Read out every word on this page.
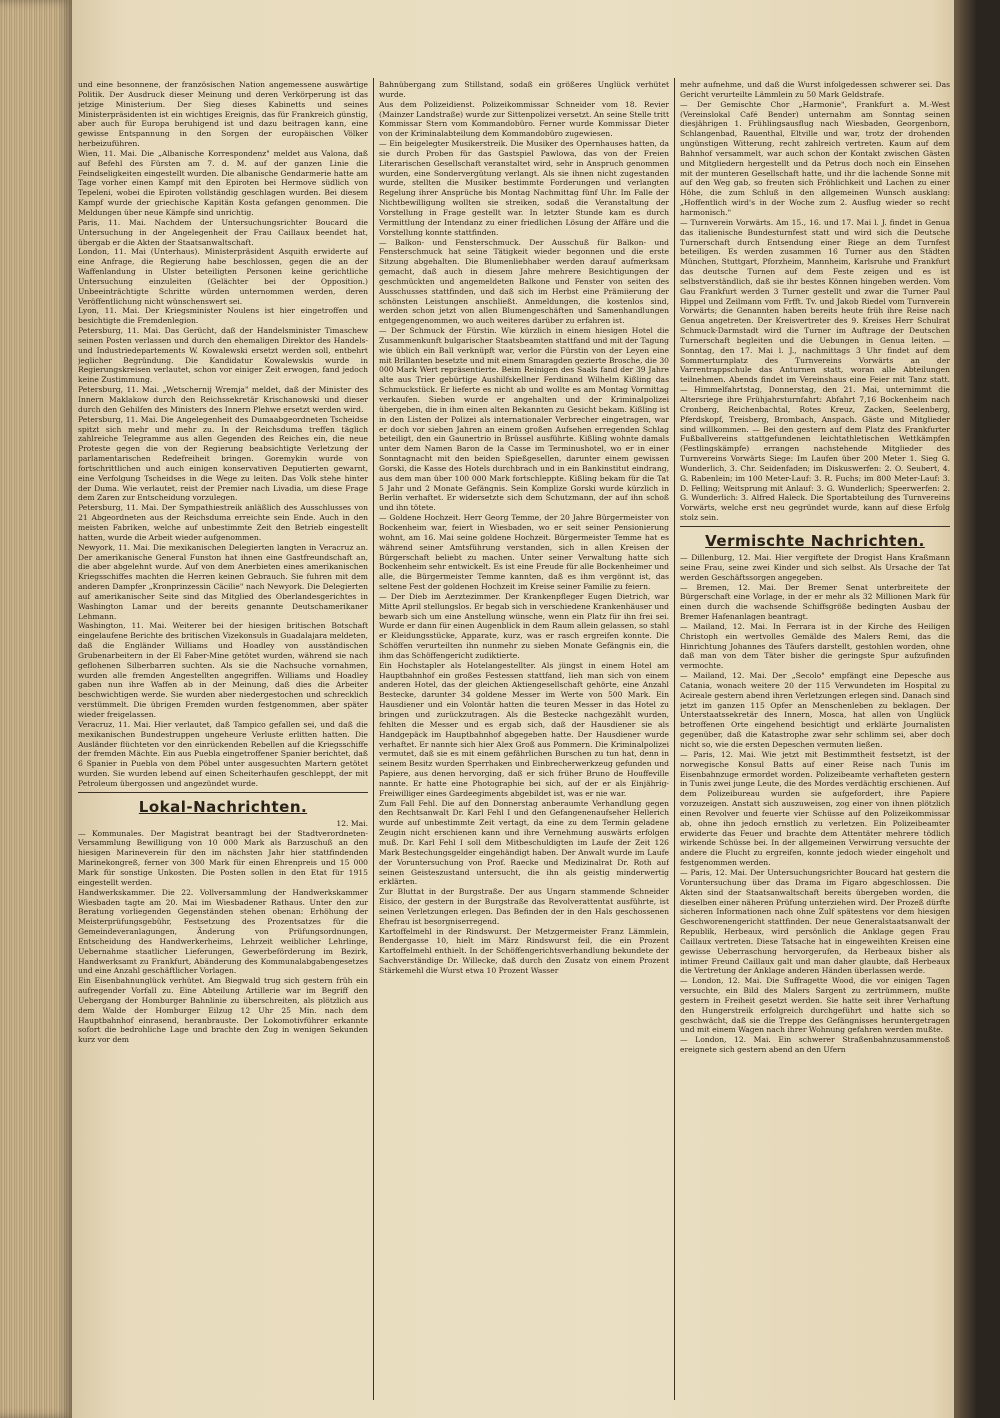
und eine besonnene, der französischen Nation angemessene auswärtige Politik. Der Ausdruck dieser Meinung und deren Verkörperung ist das jetzige Ministerium. Der Sieg dieses Kabinetts und seines Ministerpräsidenten ist ein wichtiges Ereignis, das für Frankreich günstig, aber auch für Europa beruhigend ist und dazu beitragen kann, eine gewisse Entspannung in den Sorgen der europäischen Völker herbeizuführen.

Wien, 11. Mai. Die „Albanische Korrespondenz" meldet aus Valona, daß auf Befehl des Fürsten am 7. d. M. auf der ganzen Linie die Feindseligkeiten eingestellt wurden. Die albanische Gendarmerie hatte am Tage vorher einen Kampf mit den Epiroten bei Hermove südlich von Tepeleni, wobei die Epiroten vollständig geschlagen wurden. Bei diesem Kampf wurde der griechische Kapitän Kosta gefangen genommen. Die Meldungen über neue Kämpfe sind unrichtig.

Paris, 11. Mai. Nachdem der Untersuchungsrichter Boucard die Untersuchung in der Angelegenheit der Frau Caillaux beendet hat, übergab er die Akten der Staatsanwaltschaft.

London, 11. Mai (Unterhaus). Ministerpräsident Asquith erwiderte auf eine Anfrage, die Regierung habe beschlossen, gegen die an der Waffenlandung in Ulster beteiligten Personen keine gerichtliche Untersuchung einzuleiten (Gelächter bei der Opposition.) Unbeeinträchtigte Schritte würden unternommen werden, deren Veröffentlichung nicht wünschenswert sei.

Lyon, 11. Mai. Der Kriegsminister Noulens ist hier eingetroffen und besichtigte die Fremdenlegion.

Petersburg, 11. Mai. Das Gerücht, daß der Handelsminister Timaschew seinen Posten verlassen und durch den ehemaligen Direktor des Handels- und Industriedepartements W. Kowalewski ersetzt werden soll, entbehrt jeglicher Begründung. Die Kandidatur Kowalewskis wurde in Regierungskreisen verlautet, schon vor einiger Zeit erwogen, fand jedoch keine Zustimmung.

Petersburg, 11. Mai. „Wetschernij Wremja" meldet, daß der Minister des Innern Maklakow durch den Reichssekretär Krischanowski und dieser durch den Gehilfen des Ministers des Innern Plehwe ersetzt werden wird.

Petersburg, 11. Mai. Die Angelegenheit des Dumaabgeordneten Tscheidse spitzt sich mehr und mehr zu. In der Reichsduma treffen täglich zahlreiche Telegramme aus allen Gegenden des Reiches ein, die neue Proteste gegen die von der Regierung beabsichtigte Verletzung der parlamentarischen Redefreiheit bringen. Goremykin wurde von fortschrittlichen und auch einigen konservativen Deputierten gewarnt, eine Verfolgung Tscheidses in die Wege zu leiten. Das Volk stehe hinter der Duma. Wie verlautet, reist der Premier nach Livadia, um diese Frage dem Zaren zur Entscheidung vorzulegen.

Petersburg, 11. Mai. Der Sympathiestreik anläßlich des Ausschlusses von 21 Abgeordneten aus der Reichsduma erreichte sein Ende. Auch in den meisten Fabriken, welche auf unbestimmte Zeit den Betrieb eingestellt hatten, wurde die Arbeit wieder aufgenommen.

Newyork, 11. Mai. Die mexikanischen Delegierten langten in Veracruz an. Der amerikanische General Funston hat ihnen eine Gastfreundschaft an, die aber abgelehnt wurde. Auf von dem Anerbieten eines amerikanischen Kriegsschiffes machten die Herren keinen Gebrauch. Sie fuhren mit dem anderen Dampfer „Kronprinzessin Cäcilie" nach Newyork. Die Delegierten auf amerikanischer Seite sind das Mitglied des Oberlandesgerichtes in Washington Lamar und der bereits genannte Deutschamerikaner Lehmann.

Washington, 11. Mai. Weiterer bei der hiesigen britischen Botschaft eingelaufene Berichte des britischen Vizekonsuls in Guadalajara meldeten, daß die Engländer Williams und Hoadley von ausständischen Grubenarbeitern in der El Faber-Mine getötet wurden, während sie nach geflohenen Silberbarren suchten. Als sie die Nachsuche vornahmen, wurden alle fremden Angestellten angegriffen. Williams und Hoadley gaben nun ihre Waffen ab in der Meinung, daß dies die Arbeiter beschwichtigen werde. Sie wurden aber niedergestochen und schrecklich verstümmelt. Die übrigen Fremden wurden festgenommen, aber später wieder freigelassen.

Veracruz, 11. Mai. Hier verlautet, daß Tampico gefallen sei, und daß die mexikanischen Bundestruppen ungeheure Verluste erlitten hatten. Die Ausländer flüchteten vor den einrückenden Rebellen auf die Kriegsschiffe der fremden Mächte. Ein aus Puebla eingetroffener Spanier berichtet, daß 6 Spanier in Puebla von dem Pöbel unter ausgesuchten Martern getötet wurden. Sie wurden lebend auf einen Scheiterhaufen geschleppt, der mit Petroleum übergossen und angezündet wurde.

Lokal-Nachrichten.
12. Mai.

— Kommunales. Der Magistrat beantragt bei der Stadtverordneten-Versammlung Bewilligung von 10 000 Mark als Barzuschuß an den hiesigen Marineverein für den im nächsten Jahr hier stattfindenden Marinekongreß, ferner von 300 Mark für einen Ehrenpreis und 15 000 Mark für sonstige Unkosten. Die Posten sollen in den Etat für 1915 eingestellt werden.

Handwerkskammer. Die 22. Vollversammlung der Handwerkskammer Wiesbaden tagte am 20. Mai im Wiesbadener Rathaus. Unter den zur Beratung vorliegenden Gegenständen stehen obenan: Erhöhung der Meisterprüfungsgebühr, Festsetzung des Prozentsatzes für die Gemeindeveranlagungen, Änderung von Prüfungsordnungen, Entscheidung des Handwerkerheims, Lehrzeit weiblicher Lehrlinge, Uebernahme staatlicher Lieferungen, Gewerbeförderung im Bezirk, Handwerksamt zu Frankfurt, Abänderung des Kommunalabgabengesetzes und eine Anzahl geschäftlicher Vorlagen.

Ein Eisenbahnunglück verhütet. Am Biegwald trug sich gestern früh ein aufregender Vorfall zu. Eine Abteilung Artillerie war im Begriff den Uebergang der Homburger Bahnlinie zu überschreiten, als plötzlich aus dem Walde der Homburger Eilzug 12 Uhr 25 Min. nach dem Hauptbahnhof einrasend, heranbrauste. Der Lokomotivführer erkannte sofort die bedrohliche Lage und brachte den Zug in wenigen Sekunden kurz vor dem

Bahnübergang zum Stillstand, sodaß ein größeres Unglück verhütet wurde.

Aus dem Polizeidienst. Polizeikommissar Schneider vom 18. Revier (Mainzer Landstraße) wurde zur Sittenpolizei versetzt. An seine Stelle tritt Kommissar Stern vom Kommandobüro. Ferner wurde Kommissar Dieter von der Kriminalabteilung dem Kommandobüro zugewiesen.

— Ein beigelegter Musikerstreik. Die Musiker des Opernhauses hatten, da sie durch Proben für das Gastspiel Pawlowa, das von der Freien Literarischen Gesellschaft veranstaltet wird, sehr in Anspruch genommen wurden, eine Sondervergütung verlangt. Als sie ihnen nicht zugestanden wurde, stellten die Musiker bestimmte Forderungen und verlangten Regelung ihrer Ansprüche bis Montag Nachmittag fünf Uhr. Im Falle der Nichtbewilligung wollten sie streiken, sodaß die Veranstaltung der Vorstellung in Frage gestellt war. In letzter Stunde kam es durch Vermittlung der Intendanz zu einer friedlichen Lösung der Affäre und die Vorstellung konnte stattfinden.

— Balkon- und Fensterschmuck. Der Ausschuß für Balkon- und Fensterschmuck hat seine Tätigkeit wieder begonnen und die erste Sitzung abgehalten. Die Blumenliebhaber werden darauf aufmerksam gemacht, daß auch in diesem Jahre mehrere Besichtigungen der geschmückten und angemeldeten Balkone und Fenster von seiten des Ausschusses stattfinden, und daß sich im Herbst eine Prämiierung der schönsten Leistungen anschließt. Anmeldungen, die kostenlos sind, werden schon jetzt von allen Blumengeschäften und Samenhandlungen entgegengenommen, wo auch weiteres darüber zu erfahren ist.

— Der Schmuck der Fürstin. Wie kürzlich in einem hiesigen Hotel die Zusammenkunft bulgarischer Staatsbeamten stattfand und mit der Tagung wie üblich ein Ball verknüpft war, verlor die Fürstin von der Leyen eine mit Brillanten besetzte und mit einem Smaragden gezierte Brosche, die 30 000 Mark Wert repräsentierte. Beim Reinigen des Saals fand der 39 Jahre alte aus Trier gebürtige Aushilfskellner Ferdinand Wilhelm Kißling das Schmuckstück. Er lieferte es nicht ab und wollte es am Montag Vormittag verkaufen. Sieben wurde er angehalten und der Kriminalpolizei übergeben, die in ihm einen alten Bekannten zu Gesicht bekam. Kißling ist in den Listen der Polizei als internationaler Verbrecher eingetragen, war er doch vor sieben Jahren an einem großen Aufsehen erregenden Schlag beteiligt, den ein Gaunertrio in Brüssel ausführte. Kißling wohnte damals unter dem Namen Baron de la Casse im Terminushotel, wo er in einer Sonntagnacht mit den beiden Spießgesellen, darunter einem gewissen Gorski, die Kasse des Hotels durchbrach und in ein Bankinstitut eindrang, aus dem man über 100 000 Mark fortschleppte. Kißling bekam für die Tat 5 Jahr und 2 Monate Gefängnis. Sein Komplize Gorski wurde kürzlich in Berlin verhaftet. Er widersetzte sich dem Schutzmann, der auf ihn schoß und ihn tötete.

— Goldene Hochzeit. Herr Georg Temme, der 20 Jahre Bürgermeister von Bockenheim war, feiert in Wiesbaden, wo er seit seiner Pensionierung wohnt, am 16. Mai seine goldene Hochzeit. Bürgermeister Temme hat es während seiner Amtsführung verstanden, sich in allen Kreisen der Bürgerschaft beliebt zu machen. Unter seiner Verwaltung hatte sich Bockenheim sehr entwickelt. Es ist eine Freude für alle Bockenheimer und alle, die Bürgermeister Temme kannten, daß es ihm vergönnt ist, das seltene Fest der goldenen Hochzeit im Kreise seiner Familie zu feiern.

— Der Dieb im Aerztezimmer. Der Krankenpfleger Eugen Dietrich, war Mitte April stellungslos. Er begab sich in verschiedene Krankenhäuser und bewarb sich um eine Anstellung wünsche, wenn ein Platz für ihn frei sei. Wurde er dann für einen Augenblick in dem Raum allein gelassen, so stahl er Kleidungsstücke, Apparate, kurz, was er rasch ergreifen konnte. Die Schöffen verurteilten ihn nunmehr zu sieben Monate Gefängnis ein, die ihm das Schöffengericht zudiktierte.

Ein Hochstapler als Hotelangestellter. Als jüngst in einem Hotel am Hauptbahnhof ein großes Festessen stattfand, lieh man sich von einem anderen Hotel, das der gleichen Aktiengesellschaft gehörte, eine Anzahl Bestecke, darunter 34 goldene Messer im Werte von 500 Mark. Ein Hausdiener und ein Volontär hatten die teuren Messer in das Hotel zu bringen und zurückzutragen. Als die Bestecke nachgezählt wurden, fehlten die Messer und es ergab sich, daß der Hausdiener sie als Handgepäck im Hauptbahnhof abgegeben hatte. Der Hausdiener wurde verhaftet. Er nannte sich hier Alex Groß aus Pommern. Die Kriminalpolizei vermutet, daß sie es mit einem gefährlichen Burschen zu tun hat, denn in seinem Besitz wurden Sperrhaken und Einbrecherwerkzeug gefunden und Papiere, aus denen hervorging, daß er sich früher Bruno de Houffeville nannte. Er hatte eine Photographie bei sich, auf der er als Einjährig-Freiwilliger eines Gardeegiments abgebildet ist, was er nie war.

Zum Fall Fehl. Die auf den Donnerstag anberaumte Verhandlung gegen den Rechtsanwalt Dr. Karl Fehl I und den Gefangenenaufseher Hellerich wurde auf unbestimmte Zeit vertagt, da eine zu dem Termin geladene Zeugin nicht erschienen kann und ihre Vernehmung auswärts erfolgen muß. Dr. Karl Fehl I soll dem Mitbeschuldigten im Laufe der Zeit 126 Mark Bestechungsgelder eingehändigt haben. Der Anwalt wurde im Laufe der Voruntersuchung von Prof. Raecke und Medizinalrat Dr. Roth auf seinen Geisteszustand untersucht, die ihn als geistig minderwertig erklärten.

Zur Bluttat in der Burgstraße. Der aus Ungarn stammende Schneider Eisico, der gestern in der Burgstraße das Revolverattentat ausführte, ist seinen Verletzungen erlegen. Das Befinden der in den Hals geschossenen Ehefrau ist besorgniserregend.

Kartoffelmehl in der Rindswurst. Der Metzgermeister Franz Lämmlein, Bendergasse 10, hielt im März Rindswurst feil, die ein Prozent Kartoffelmehl enthielt. In der Schöffengerichtsverhandlung bekundete der Sachverständige Dr. Willecke, daß durch den Zusatz von einem Prozent Stärkemehl die Wurst etwa 10 Prozent Wasser

mehr aufnehme, und daß die Wurst infolgedessen schwerer sei. Das Gericht verurteilte Lämmlein zu 50 Mark Geldstrafe.

— Der Gemischte Chor „Harmonie", Frankfurt a. M.-West (Vereinslokal Café Bender) unternahm am Sonntag seinen diesjährigen 1. Frühlingsausflug nach Wiesbaden, Georgenborn, Schlangenbad, Rauenthal, Eltville und war, trotz der drohenden ungünstigen Witterung, recht zahlreich vertreten. Kaum auf dem Bahnhof versammelt, war auch schon der Kontakt zwischen Gästen und Mitgliedern hergestellt und da Petrus doch noch ein Einsehen mit der munteren Gesellschaft hatte, und ihr die lachende Sonne mit auf den Weg gab, so freuten sich Fröhlichkeit und Lachen zu einer Höhe, die zum Schluß in den allgemeinen Wunsch ausklang: „Hoffentlich wird's in der Woche zum 2. Ausflug wieder so recht harmonisch."

— Turnverein Vorwärts. Am 15., 16. und 17. Mai l. J. findet in Genua das italienische Bundesturnfest statt und wird sich die Deutsche Turnerschaft durch Entsendung einer Riege an dem Turnfest beteiligen. Es werden zusammen 16 Turner aus den Städten München, Stuttgart, Pforzheim, Mannheim, Karlsruhe und Frankfurt das deutsche Turnen auf dem Feste zeigen und es ist selbstverständlich, daß sie ihr bestes Können hingeben werden. Vom Gau Frankfurt werden 3 Turner gestellt und zwar die Turner Paul Hippel und Zeilmann vom Frfft. Tv. und Jakob Riedel vom Turnverein Vorwärts; die Genannten haben bereits heute früh ihre Reise nach Genua angetreten. Der Kreisvertreter des 9. Kreises Herr Schulrat Schmuck-Darmstadt wird die Turner im Auftrage der Deutschen Turnerschaft begleiten und die Uebungen in Genua leiten. — Sonntag, den 17. Mai l. J., nachmittags 3 Uhr findet auf dem Sommerturnplatz des Turnvereins Vorwärts an der Varrentrappschule das Anturnen statt, woran alle Abteilungen teilnehmen. Abends findet im Vereinshaus eine Feier mit Tanz statt. — Himmelfahrtstag, Donnerstag, den 21. Mai, unternimmt die Altersriege ihre Frühjahrsturnfahrt: Abfahrt 7,16 Bockenheim nach Cronberg, Reichenbachtal, Rotes Kreuz, Zacken, Seelenberg, Pferdskopf, Treisberg, Brombach, Anspach. Gäste und Mitglieder sind willkommen. — Bei den gestern auf dem Platz des Frankfurter Fußballvereins stattgefundenen leichtathletischen Wettkämpfen (Festlingskämpfe) errangen nachstehende Mitglieder des Turnvereins Vorwärts Siege: Im Laufen über 200 Meter 1. Sieg G. Wunderlich, 3. Chr. Seidenfaden; im Diskuswerfen: 2. O. Seubert, 4. G. Rabenlein; im 100 Meter-Lauf: 3. R. Fuchs; im 800 Meter-Lauf: 3. D. Felling; Weitsprung mit Anlauf: 3. G. Wunderlich; Speerwerfen: 2. G. Wunderlich: 3. Alfred Haleck. Die Sportabteilung des Turnvereins Vorwärts, welche erst neu gegründet wurde, kann auf diese Erfolg stolz sein.

Vermischte Nachrichten.

— Dillenburg, 12. Mai. Hier vergiftete der Drogist Hans Kraßmann seine Frau, seine zwei Kinder und sich selbst. Als Ursache der Tat werden Geschäftssorgen angegeben.

— Bremen, 12. Mai. Der Bremer Senat unterbreitete der Bürgerschaft eine Vorlage, in der er mehr als 32 Millionen Mark für einen durch die wachsende Schiffsgröße bedingten Ausbau der Bremer Hafenanlagen beantragt.

— Mailand, 12. Mai. In Ferrara ist in der Kirche des Heiligen Christoph ein wertvolles Gemälde des Malers Remi, das die Hinrichtung Johannes des Täufers darstellt, gestohlen worden, ohne daß man von dem Täter bisher die geringste Spur aufzufinden vermochte.

— Mailand, 12. Mai. Der „Secolo" empfängt eine Depesche aus Catania, wonach weitere 20 der 115 Verwundeten im Hospital zu Acireale gestern abend ihren Verletzungen erlegen sind. Danach sind jetzt im ganzen 115 Opfer an Menschenleben zu beklagen. Der Unterstaatssekretär des Innern, Mosca, hat allen von Unglück betroffenen Orte eingehend besichtigt und erklärte Journalisten gegenüber, daß die Katastrophe zwar sehr schlimm sei, aber doch nicht so, wie die ersten Depeschen vermuten ließen.

— Paris, 12. Mai. Wie jetzt mit Bestimmtheit festsetzt, ist der norwegische Konsul Batts auf einer Reise nach Tunis im Eisenbahnzuge ermordet worden. Polizeibeamte verhafteten gestern in Tunis zwei junge Leute, die des Mordes verdächtig erschienen. Auf dem Polizeibureau wurden sie aufgefordert, ihre Papiere vorzuzeigen. Anstatt sich auszuweisen, zog einer von ihnen plötzlich einen Revolver und feuerte vier Schüsse auf den Polizeikommissar ab, ohne ihn jedoch ernstlich zu verletzen. Ein Polizeibeamter erwiderte das Feuer und brachte dem Attentäter mehrere tödlich wirkende Schüsse bei. In der allgemeinen Verwirrung versuchte der andere die Flucht zu ergreifen, konnte jedoch wieder eingeholt und festgenommen werden.

— Paris, 12. Mai. Der Untersuchungsrichter Boucard hat gestern die Voruntersuchung über das Drama im Figaro abgeschlossen. Die Akten sind der Staatsanwaltschaft bereits übergeben worden, die dieselben einer näheren Prüfung unterziehen wird. Der Prozeß dürfte sicheren Informationen nach ohne Zulf spätestens vor dem hiesigen Geschworenengericht stattfinden. Der neue Generalstaatsanwalt der Republik, Herbeaux, wird persönlich die Anklage gegen Frau Caillaux vertreten. Diese Tatsache hat in eingeweihten Kreisen eine gewisse Ueberraschung hervorgerufen, da Herbeaux bisher als intimer Freund Caillaux galt und man daher glaubte, daß Herbeaux die Vertretung der Anklage anderen Händen überlassen werde.

— London, 12. Mai. Die Suffragette Wood, die vor einigen Tagen versuchte, ein Bild des Malers Sargent zu zertrümmern, mußte gestern in Freiheit gesetzt werden. Sie hatte seit ihrer Verhaftung den Hungerstreik erfolgreich durchgeführt und hatte sich so geschwächt, daß sie die Treppe des Gefängnisses heruntergetragen und mit einem Wagen nach ihrer Wohnung gefahren werden mußte.

— London, 12. Mai. Ein schwerer Straßenbahnzusammenstoß ereignete sich gestern abend an den Ufern
